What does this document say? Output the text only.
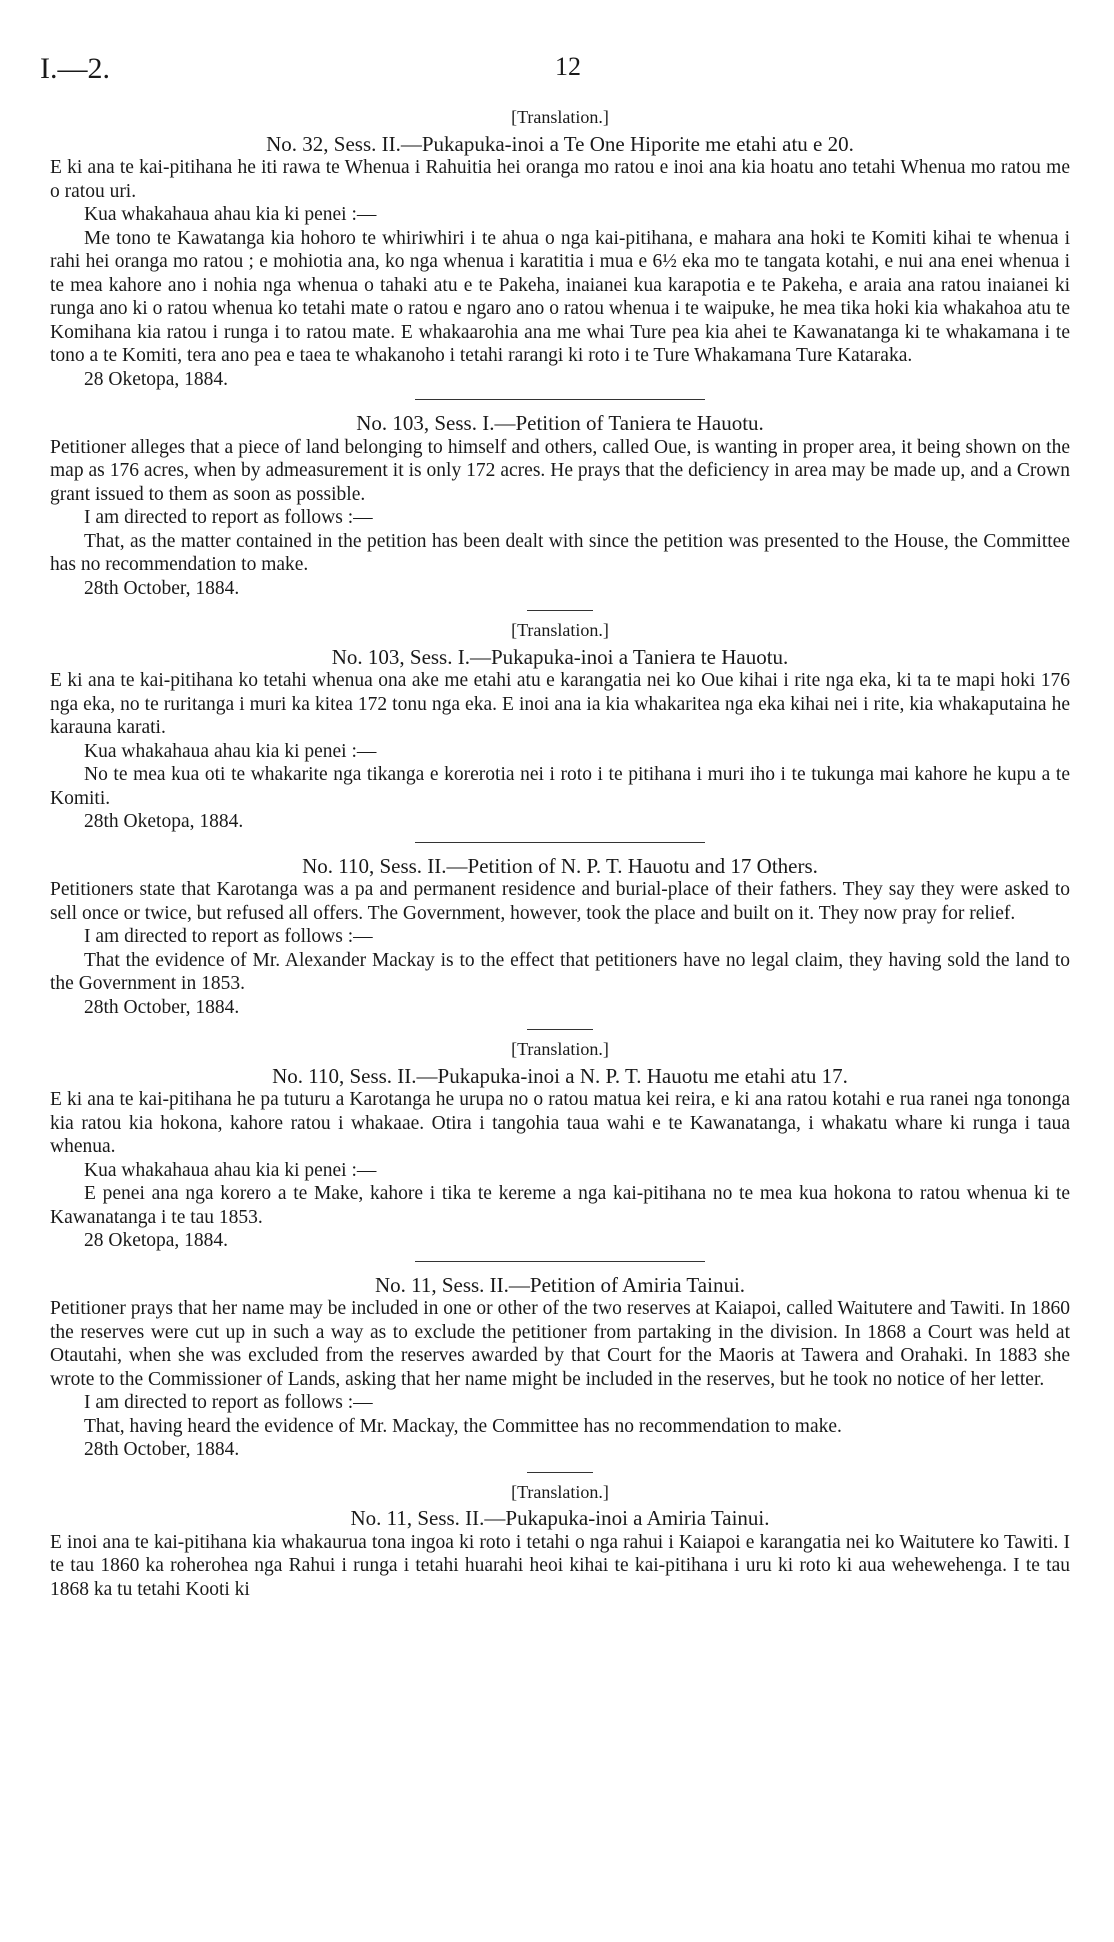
I.—2.	12
[Translation.]
No. 32, Sess. II.—Pukapuka-inoi a Te One Hiporite me etahi atu e 20.

E ki ana te kai-pitihana he iti rawa te Whenua i Rahuitia hei oranga mo ratou e inoi ana kia hoatu ano tetahi Whenua mo ratou me o ratou uri.

Kua whakahaua ahau kia ki penei :—

Me tono te Kawatanga kia hohoro te whiriwhiri i te ahua o nga kai-pitihana, e mahara ana hoki te Komiti kihai te whenua i rahi hei oranga mo ratou ; e mohiotia ana, ko nga whenua i karatitia i mua e 6½ eka mo te tangata kotahi, e nui ana enei whenua i te mea kahore ano i nohia nga whenua o tahaki atu e te Pakeha, inaianei kua karapotia e te Pakeha, e araia ana ratou inaianei ki runga ano ki o ratou whenua ko tetahi mate o ratou e ngaro ano o ratou whenua i te waipuke, he mea tika hoki kia whakahoa atu te Komihana kia ratou i runga i to ratou mate. E whakaarohia ana me whai Ture pea kia ahei te Kawanatanga ki te whakamana i te tono a te Komiti, tera ano pea e taea te whakanoho i tetahi rarangi ki roto i te Ture Whakamana Ture Kataraka.

28 Oketopa, 1884.

No. 103, Sess. I.—Petition of Taniera te Hauotu.

Petitioner alleges that a piece of land belonging to himself and others, called Oue, is wanting in proper area, it being shown on the map as 176 acres, when by admeasurement it is only 172 acres. He prays that the deficiency in area may be made up, and a Crown grant issued to them as soon as possible.

I am directed to report as follows :—

That, as the matter contained in the petition has been dealt with since the petition was presented to the House, the Committee has no recommendation to make.

28th October, 1884.

[Translation.]
No. 103, Sess. I.—Pukapuka-inoi a Taniera te Hauotu.

E ki ana te kai-pitihana ko tetahi whenua ona ake me etahi atu e karangatia nei ko Oue kihai i rite nga eka, ki ta te mapi hoki 176 nga eka, no te ruritanga i muri ka kitea 172 tonu nga eka. E inoi ana ia kia whakaritea nga eka kihai nei i rite, kia whakaputaina he karauna karati.

Kua whakahaua ahau kia ki penei :—

No te mea kua oti te whakarite nga tikanga e korerotia nei i roto i te pitihana i muri iho i te tukunga mai kahore he kupu a te Komiti.

28th Oketopa, 1884.

No. 110, Sess. II.—Petition of N. P. T. Hauotu and 17 Others.

Petitioners state that Karotanga was a pa and permanent residence and burial-place of their fathers. They say they were asked to sell once or twice, but refused all offers. The Government, however, took the place and built on it. They now pray for relief.

I am directed to report as follows :—

That the evidence of Mr. Alexander Mackay is to the effect that petitioners have no legal claim, they having sold the land to the Government in 1853.

28th October, 1884.

[Translation.]
No. 110, Sess. II.—Pukapuka-inoi a N. P. T. Hauotu me etahi atu 17.

E ki ana te kai-pitihana he pa tuturu a Karotanga he urupa no o ratou matua kei reira, e ki ana ratou kotahi e rua ranei nga tononga kia ratou kia hokona, kahore ratou i whakaae. Otira i tangohia taua wahi e te Kawanatanga, i whakatu whare ki runga i taua whenua.

Kua whakahaua ahau kia ki penei :—

E penei ana nga korero a te Make, kahore i tika te kereme a nga kai-pitihana no te mea kua hokona to ratou whenua ki te Kawanatanga i te tau 1853.

28 Oketopa, 1884.

No. 11, Sess. II.—Petition of Amiria Tainui.

Petitioner prays that her name may be included in one or other of the two reserves at Kaiapoi, called Waitutere and Tawiti. In 1860 the reserves were cut up in such a way as to exclude the petitioner from partaking in the division. In 1868 a Court was held at Otautahi, when she was excluded from the reserves awarded by that Court for the Maoris at Tawera and Orahaki. In 1883 she wrote to the Commissioner of Lands, asking that her name might be included in the reserves, but he took no notice of her letter.

I am directed to report as follows :—

That, having heard the evidence of Mr. Mackay, the Committee has no recommendation to make.

28th October, 1884.

[Translation.]
No. 11, Sess. II.—Pukapuka-inoi a Amiria Tainui.

E inoi ana te kai-pitihana kia whakaurua tona ingoa ki roto i tetahi o nga rahui i Kaiapoi e karangatia nei ko Waitutere ko Tawiti. I te tau 1860 ka roherohea nga Rahui i runga i tetahi huarahi heoi kihai te kai-pitihana i uru ki roto ki aua wehewehenga. I te tau 1868 ka tu tetahi Kooti ki
